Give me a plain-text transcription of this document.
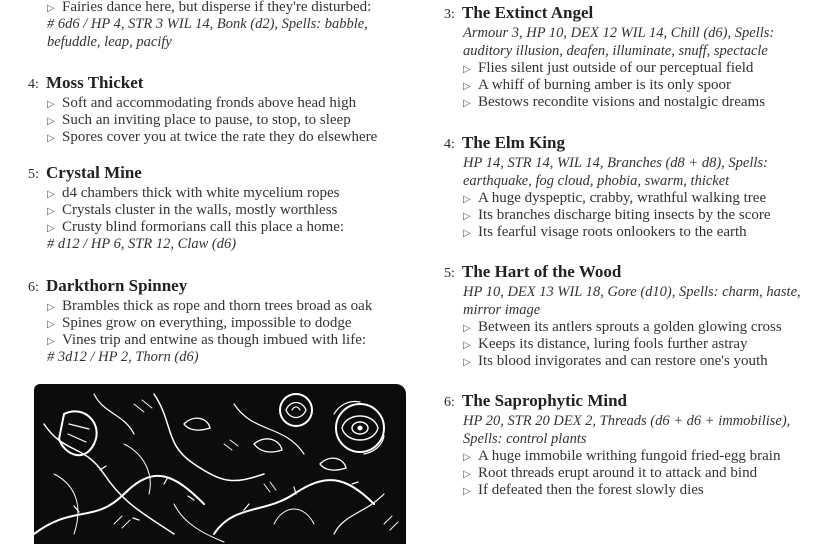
▷ Fairies dance here, but disperse if they're disturbed:
# 6d6 / HP 4, STR 3 WIL 14, Bonk (d2), Spells: babble, befuddle, leap, pacify
4: Moss Thicket
▷ Soft and accommodating fronds above head high
▷ Such an inviting place to pause, to stop, to sleep
▷ Spores cover you at twice the rate they do elsewhere
5: Crystal Mine
▷ d4 chambers thick with white mycelium ropes
▷ Crystals cluster in the walls, mostly worthless
▷ Crusty blind formorians call this place a home:
# d12 / HP 6, STR 12, Claw (d6)
6: Darkthorn Spinney
▷ Brambles thick as rope and thorn trees broad as oak
▷ Spines grow on everything, impossible to dodge
▷ Vines trip and entwine as though imbued with life:
# 3d12 / HP 2, Thorn (d6)
3: The Extinct Angel
Armour 3, HP 10, DEX 12 WIL 14, Chill (d6), Spells: auditory illusion, deafen, illuminate, snuff, spectacle
▷ Flies silent just outside of our perceptual field
▷ A whiff of burning amber is its only spoor
▷ Bestows recondite visions and nostalgic dreams
4: The Elm King
HP 14, STR 14, WIL 14, Branches (d8 + d8), Spells: earthquake, fog cloud, phobia, swarm, thicket
▷ A huge dyspeptic, crabby, wrathful walking tree
▷ Its branches discharge biting insects by the score
▷ Its fearful visage roots onlookers to the earth
5: The Hart of the Wood
HP 10, DEX 13 WIL 18, Gore (d10), Spells: charm, haste, mirror image
▷ Between its antlers sprouts a golden glowing cross
▷ Keeps its distance, luring fools further astray
▷ Its blood invigorates and can restore one's youth
6: The Saprophytic Mind
HP 20, STR 20 DEX 2, Threads (d6 + d6 + immobilise), Spells: control plants
▷ A huge immobile writhing fungoid fried-egg brain
▷ Root threads erupt around it to attack and bind
▷ If defeated then the forest slowly dies
